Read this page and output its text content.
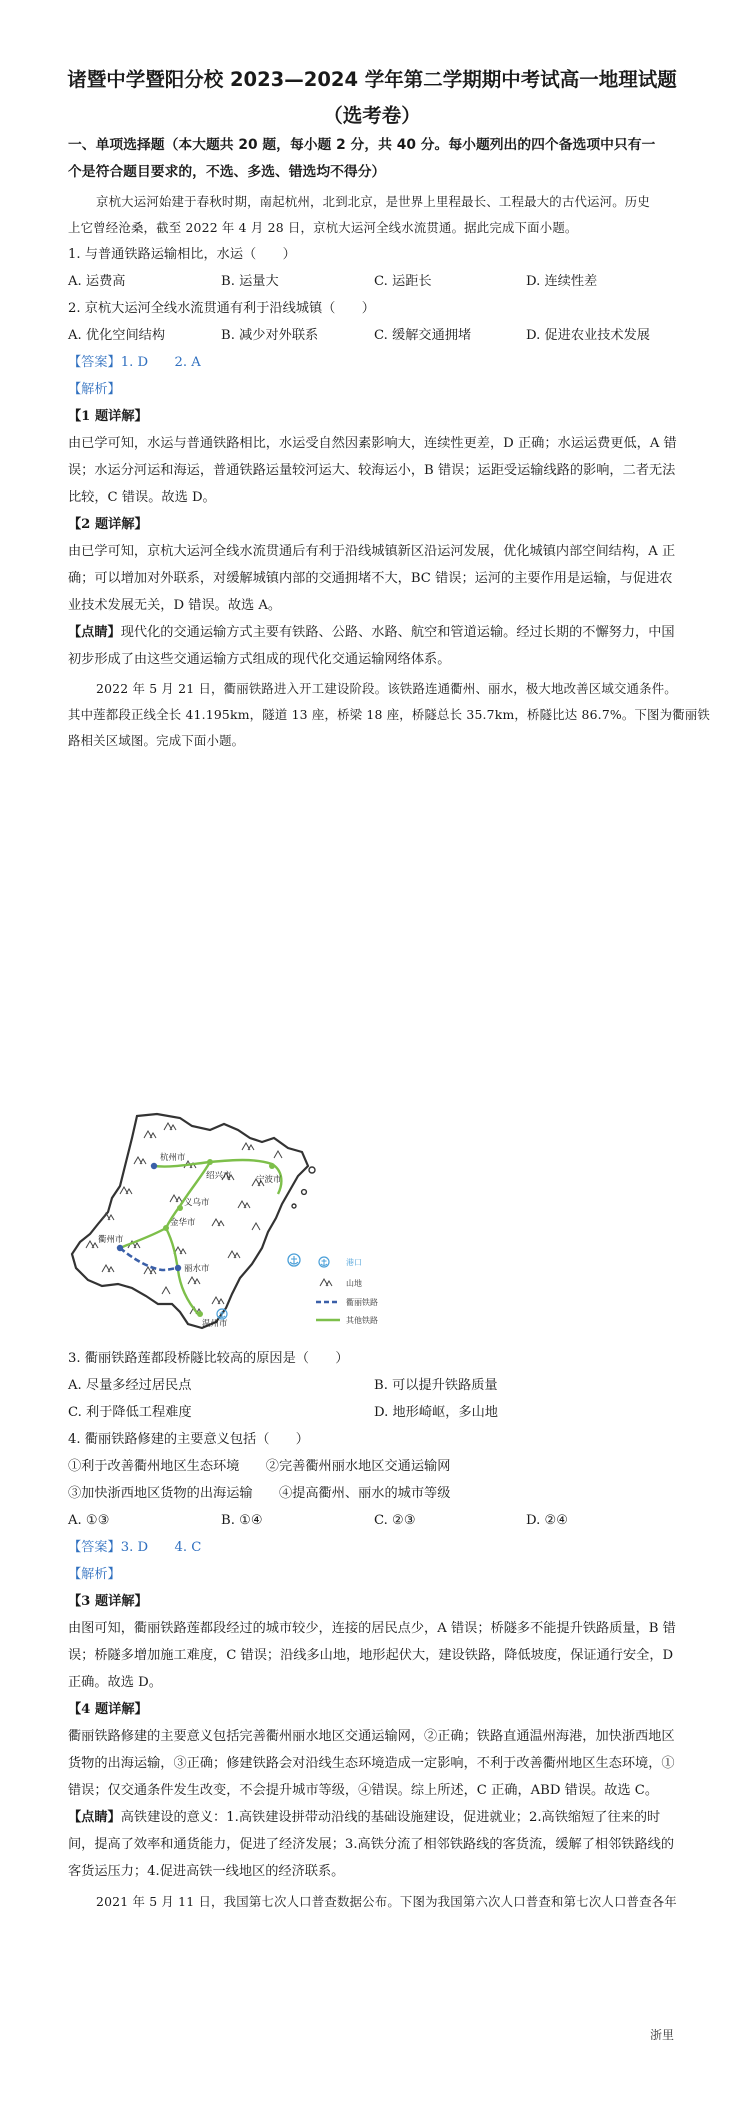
诸暨中学暨阳分校 2023—2024 学年第二学期期中考试高一地理试题
（选考卷）
一、单项选择题（本大题共 20 题，每小题 2 分，共 40 分。每小题列出的四个备选项中只有一
个是符合题目要求的，不选、多选、错选均不得分）
京杭大运河始建于春秋时期，南起杭州，北到北京，是世界上里程最长、工程最大的古代运河。历史
上它曾经沧桑，截至 2022 年 4 月 28 日，京杭大运河全线水流贯通。据此完成下面小题。
1. 与普通铁路运输相比，水运（　　）
A. 运费高	B. 运量大	C. 运距长	D. 连续性差
2. 京杭大运河全线水流贯通有利于沿线城镇（　　）
A. 优化空间结构	B. 减少对外联系	C. 缓解交通拥堵	D. 促进农业技术发展
【答案】1. D　　2. A
【解析】
【1 题详解】
由已学可知，水运与普通铁路相比，水运受自然因素影响大，连续性更差，D 正确；水运运费更低，A 错
误；水运分河运和海运，普通铁路运量较河运大、较海运小，B 错误；运距受运输线路的影响，二者无法
比较，C 错误。故选 D。
【2 题详解】
由已学可知，京杭大运河全线水流贯通后有利于沿线城镇新区沿运河发展，优化城镇内部空间结构，A 正
确；可以增加对外联系，对缓解城镇内部的交通拥堵不大，BC 错误；运河的主要作用是运输，与促进农
业技术发展无关，D 错误。故选 A。
【点睛】现代化的交通运输方式主要有铁路、公路、水路、航空和管道运输。经过长期的不懈努力，中国
初步形成了由这些交通运输方式组成的现代化交通运输网络体系。
2022 年 5 月 21 日，衢丽铁路进入开工建设阶段。该铁路连通衢州、丽水，极大地改善区域交通条件。
其中莲都段正线全长 41.195km，隧道 13 座，桥梁 18 座，桥隧总长 35.7km，桥隧比达 86.7%。下图为衢丽铁
路相关区域图。完成下面小题。
杭州市
绍兴市	宁波市
义乌市
金华市
衢州市
丽水市
温州市
港口
山地
衢丽铁路
其他铁路
3. 衢丽铁路莲都段桥隧比较高的原因是（　　）
A. 尽量多经过居民点	B. 可以提升铁路质量
C. 利于降低工程难度	D. 地形崎岖，多山地
4. 衢丽铁路修建的主要意义包括（　　）
①利于改善衢州地区生态环境　　②完善衢州丽水地区交通运输网
③加快浙西地区货物的出海运输　　④提高衢州、丽水的城市等级
A. ①③	B. ①④	C. ②③	D. ②④
【答案】3. D　　4. C
【解析】
【3 题详解】
由图可知，衢丽铁路莲都段经过的城市较少，连接的居民点少，A 错误；桥隧多不能提升铁路质量，B 错
误；桥隧多增加施工难度，C 错误；沿线多山地，地形起伏大，建设铁路，降低坡度，保证通行安全，D
正确。故选 D。
【4 题详解】
衢丽铁路修建的主要意义包括完善衢州丽水地区交通运输网，②正确；铁路直通温州海港，加快浙西地区
货物的出海运输，③正确；修建铁路会对沿线生态环境造成一定影响，不利于改善衢州地区生态环境，①
错误；仅交通条件发生改变，不会提升城市等级，④错误。综上所述，C 正确，ABD 错误。故选 C。
【点睛】高铁建设的意义：1.高铁建设拼带动沿线的基础设施建设，促进就业；2.高铁缩短了往来的时
间，提高了效率和通货能力，促进了经济发展；3.高铁分流了相邻铁路线的客货流，缓解了相邻铁路线的
客货运压力；4.促进高铁一线地区的经济联系。
2021 年 5 月 11 日，我国第七次人口普查数据公布。下图为我国第六次人口普查和第七次人口普查各年
浙里
